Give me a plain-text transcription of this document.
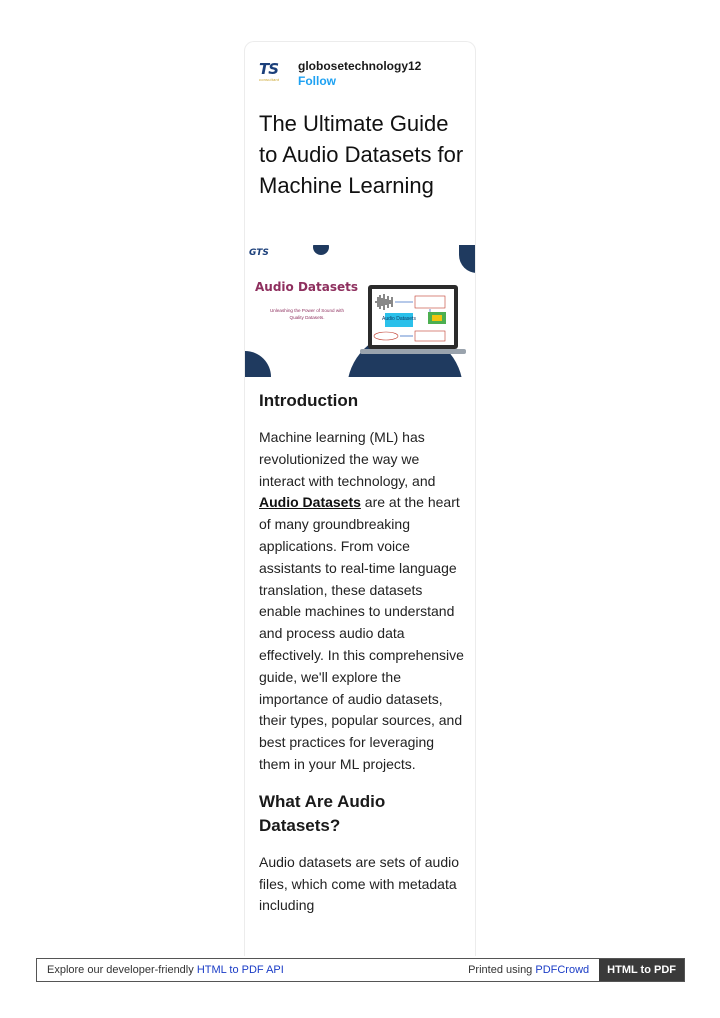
TS
consultant
globosetechnology12
Follow
The Ultimate Guide to Audio Datasets for Machine Learning
GTS
Audio Datasets
Unleashing the Power of Sound with
Quality Datasets.	Audio Datasets
Introduction

Machine learning (ML) has revolutionized the way we interact with technology, and Audio Datasets are at the heart of many groundbreaking applications. From voice assistants to real-time language translation, these datasets enable machines to understand and process audio data effectively. In this comprehensive guide, we'll explore the importance of audio datasets, their types, popular sources, and best practices for leveraging them in your ML projects.

What Are Audio Datasets?

Audio datasets are sets of audio files, which come with metadata including

Explore our developer-friendly HTML to PDF API	Printed using PDFCrowd	HTML to PDF
